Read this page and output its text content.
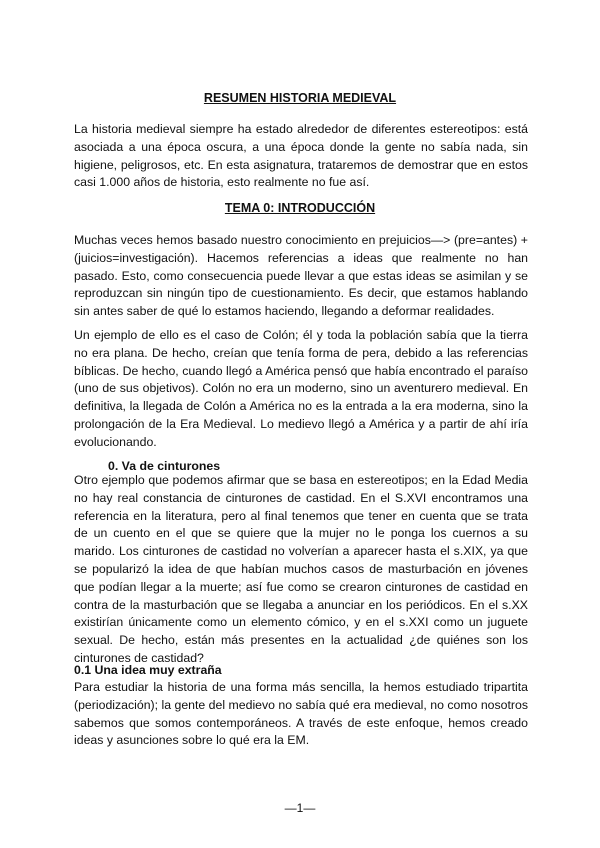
RESUMEN HISTORIA MEDIEVAL

La historia medieval siempre ha estado alrededor de diferentes estereotipos: está asociada a una época oscura, a una época donde la gente no sabía nada, sin higiene, peligrosos, etc. En esta asignatura, trataremos de demostrar que en estos casi 1.000 años de historia, esto realmente no fue así.

TEMA 0: INTRODUCCIÓN

Muchas veces hemos basado nuestro conocimiento en prejuicios—> (pre=antes) + (juicios=investigación). Hacemos referencias a ideas que realmente no han pasado. Esto, como consecuencia puede llevar a que estas ideas se asimilan y se reproduzcan sin ningún tipo de cuestionamiento. Es decir, que estamos hablando sin antes saber de qué lo estamos haciendo, llegando a deformar realidades.

Un ejemplo de ello es el caso de Colón; él y toda la población sabía que la tierra no era plana. De hecho, creían que tenía forma de pera, debido a las referencias bíblicas. De hecho, cuando llegó a América pensó que había encontrado el paraíso (uno de sus objetivos). Colón no era un moderno, sino un aventurero medieval. En definitiva, la llegada de Colón a América no es la entrada a la era moderna, sino la prolongación de la Era Medieval. Lo medievo llegó a América y a partir de ahí iría evolucionando.

0. Va de cinturones

Otro ejemplo que podemos afirmar que se basa en estereotipos; en la Edad Media no hay real constancia de cinturones de castidad. En el S.XVI encontramos una referencia en la literatura, pero al final tenemos que tener en cuenta que se trata de un cuento en el que se quiere que la mujer no le ponga los cuernos a su marido. Los cinturones de castidad no volverían a aparecer hasta el s.XIX, ya que se popularizó la idea de que habían muchos casos de masturbación en jóvenes que podían llegar a la muerte; así fue como se crearon cinturones de castidad en contra de la masturbación que se llegaba a anunciar en los periódicos. En el s.XX existirían únicamente como un elemento cómico, y en el s.XXI como un juguete sexual. De hecho, están más presentes en la actualidad ¿de quiénes son los cinturones de castidad?

0.1 Una idea muy extraña

Para estudiar la historia de una forma más sencilla, la hemos estudiado tripartita (periodización); la gente del medievo no sabía qué era medieval, no como nosotros sabemos que somos contemporáneos. A través de este enfoque, hemos creado ideas y asunciones sobre lo qué era la EM.

—1—
